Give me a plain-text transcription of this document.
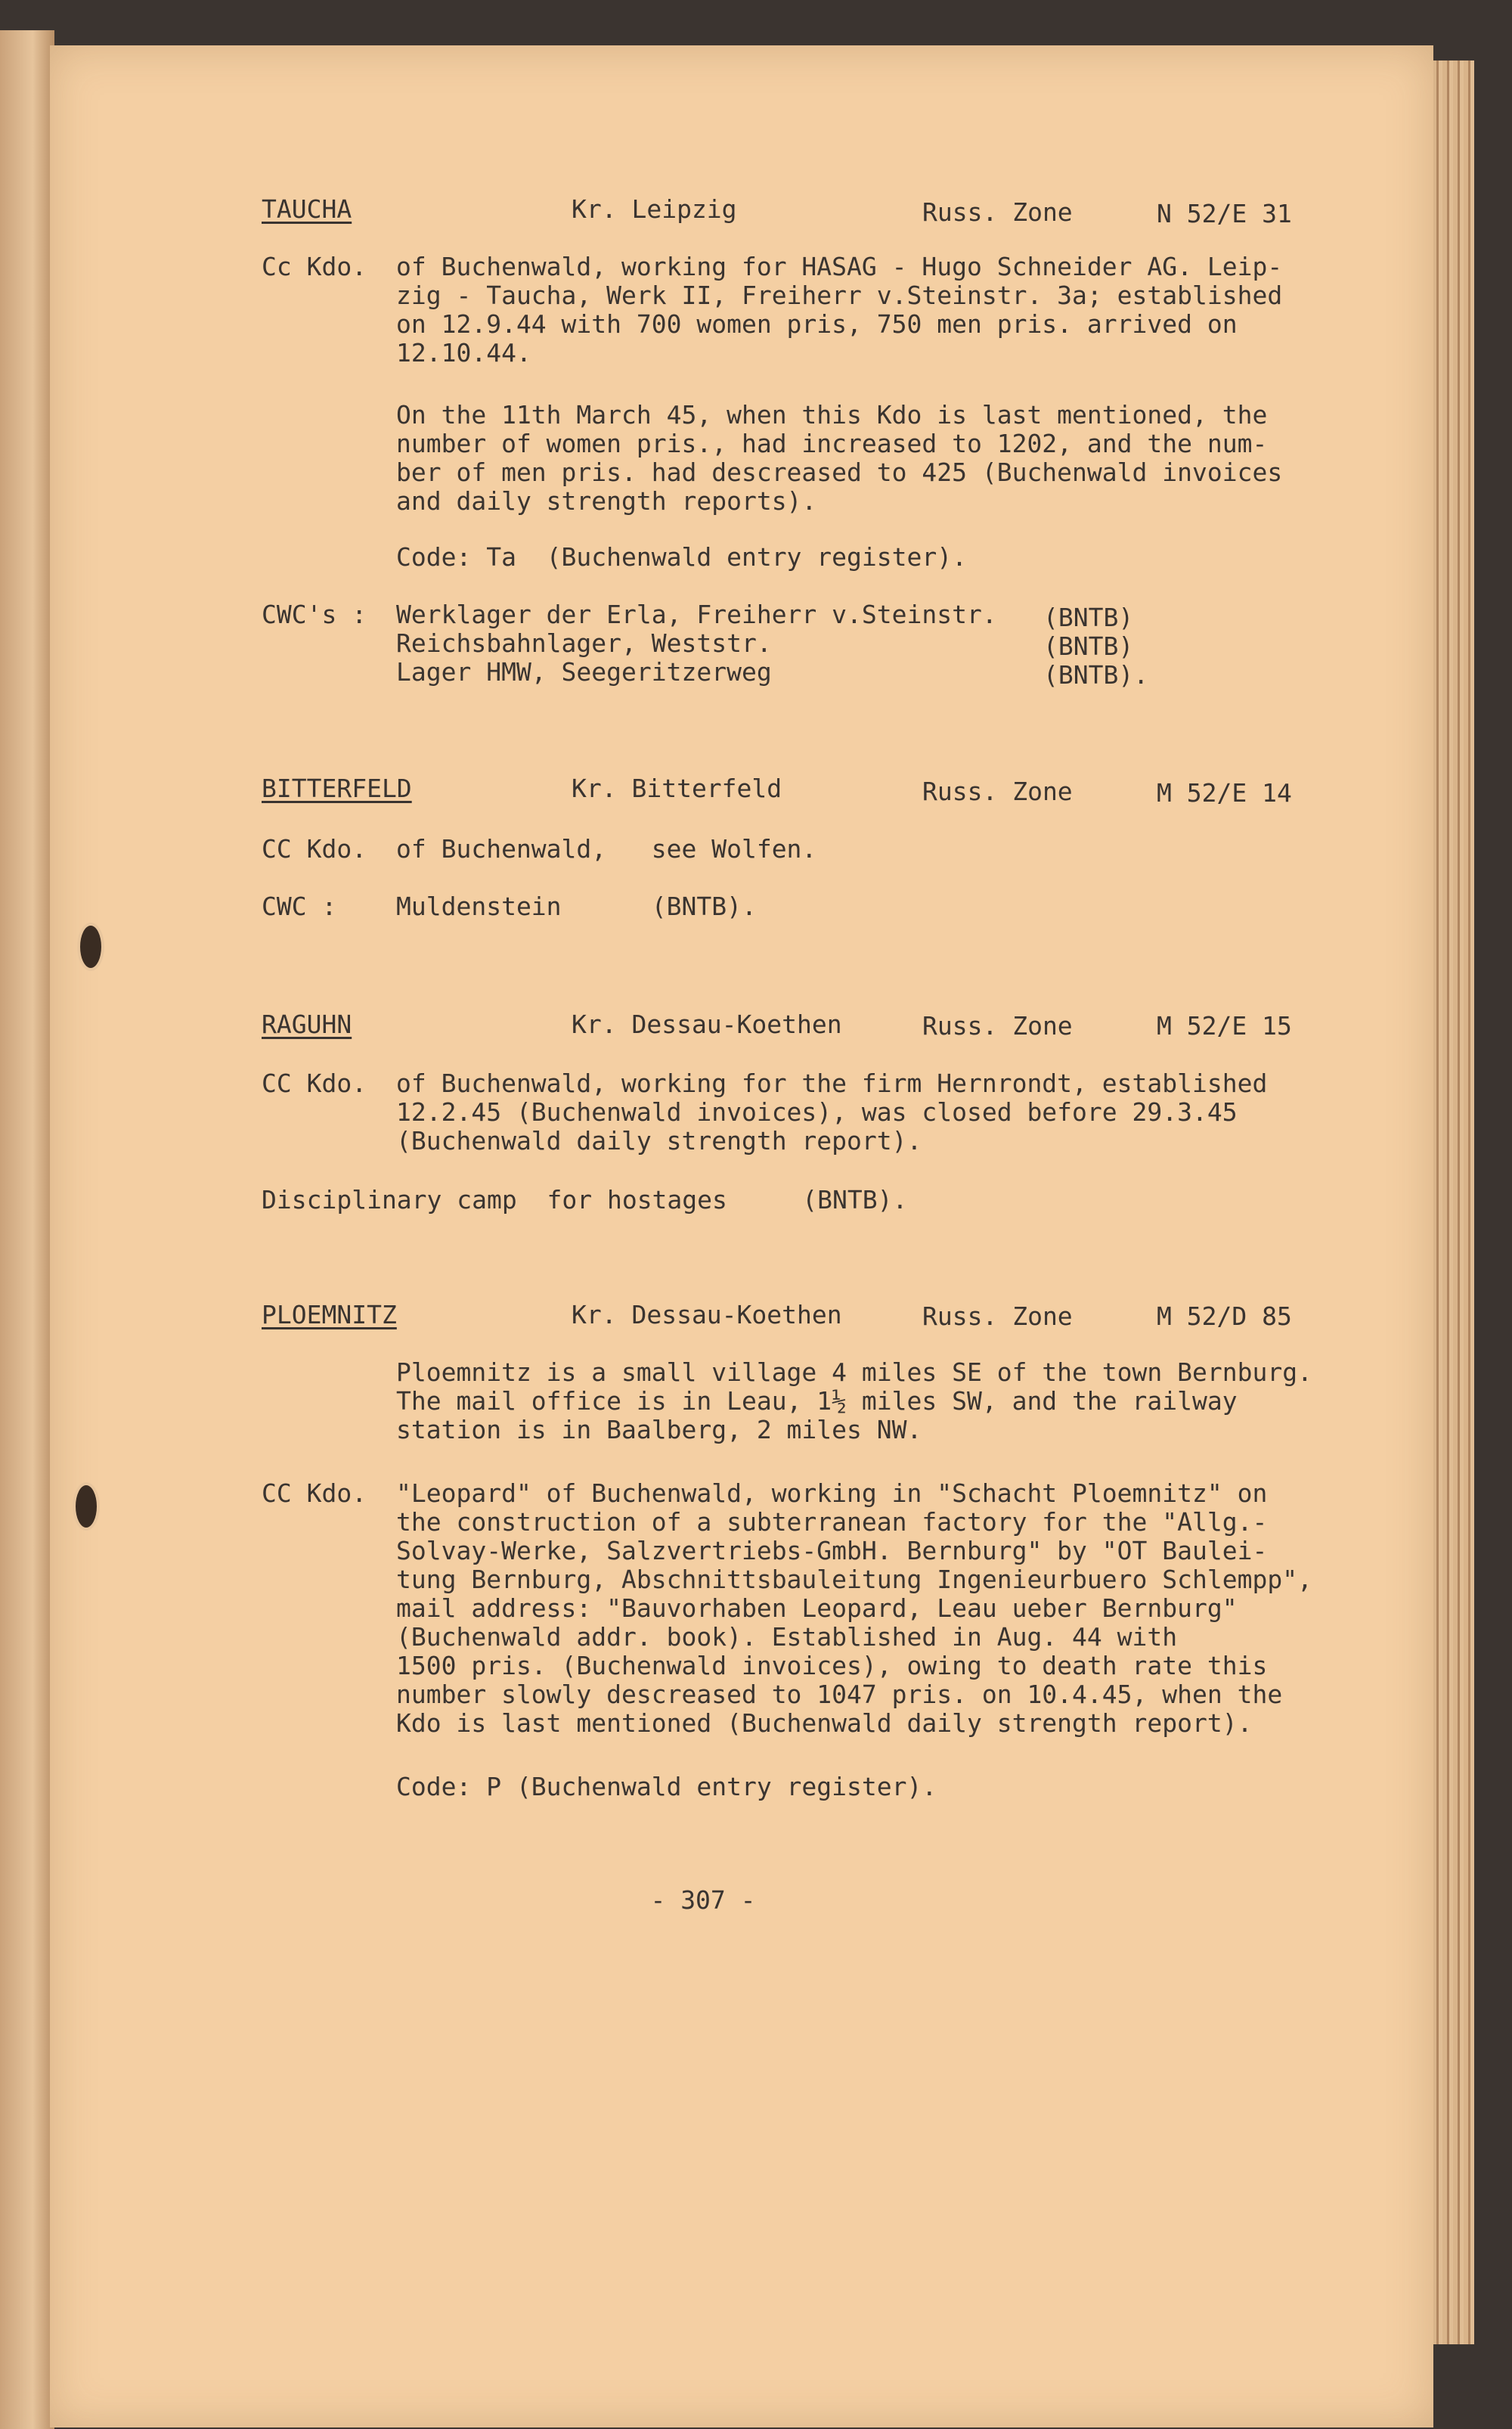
TAUCHA	Kr. Leipzig	Russ. Zone	N 52/E 31
Cc Kdo. of Buchenwald, working for HASAG - Hugo Schneider AG. Leip-
zig - Taucha, Werk II, Freiherr v.Steinstr. 3a; established
on 12.9.44 with 700 women pris, 750 men pris. arrived on
12.10.44.
On the 11th March 45, when this Kdo is last mentioned, the
number of women pris., had increased to 1202, and the num-
ber of men pris. had descreased to 425 (Buchenwald invoices
and daily strength reports).
Code: Ta  (Buchenwald entry register).
CWC's : Werklager der Erla, Freiherr v.Steinstr. (BNTB)
Reichsbahnlager, Weststr.	(BNTB)
Lager HMW, Seegeritzerweg	(BNTB).
BITTERFELD	Kr. Bitterfeld	Russ. Zone	M 52/E 14
CC Kdo. of Buchenwald,   see Wolfen.
CWC : Muldenstein      (BNTB).
RAGUHN	Kr. Dessau-Koethen	Russ. Zone	M 52/E 15
CC Kdo. of Buchenwald, working for the firm Hernrondt, established
12.2.45 (Buchenwald invoices), was closed before 29.3.45
(Buchenwald daily strength report).
Disciplinary camp  for hostages     (BNTB).
PLOEMNITZ	Kr. Dessau-Koethen	Russ. Zone	M 52/D 85
Ploemnitz is a small village 4 miles SE of the town Bernburg.
The mail office is in Leau, 1½ miles SW, and the railway
station is in Baalberg, 2 miles NW.
CC Kdo. "Leopard" of Buchenwald, working in "Schacht Ploemnitz" on
the construction of a subterranean factory for the "Allg.-
Solvay-Werke, Salzvertriebs-GmbH. Bernburg" by "OT Baulei-
tung Bernburg, Abschnittsbauleitung Ingenieurbuero Schlempp",
mail address: "Bauvorhaben Leopard, Leau ueber Bernburg"
(Buchenwald addr. book). Established in Aug. 44 with
1500 pris. (Buchenwald invoices), owing to death rate this
number slowly descreased to 1047 pris. on 10.4.45, when the
Kdo is last mentioned (Buchenwald daily strength report).
Code: P (Buchenwald entry register).
- 307 -
